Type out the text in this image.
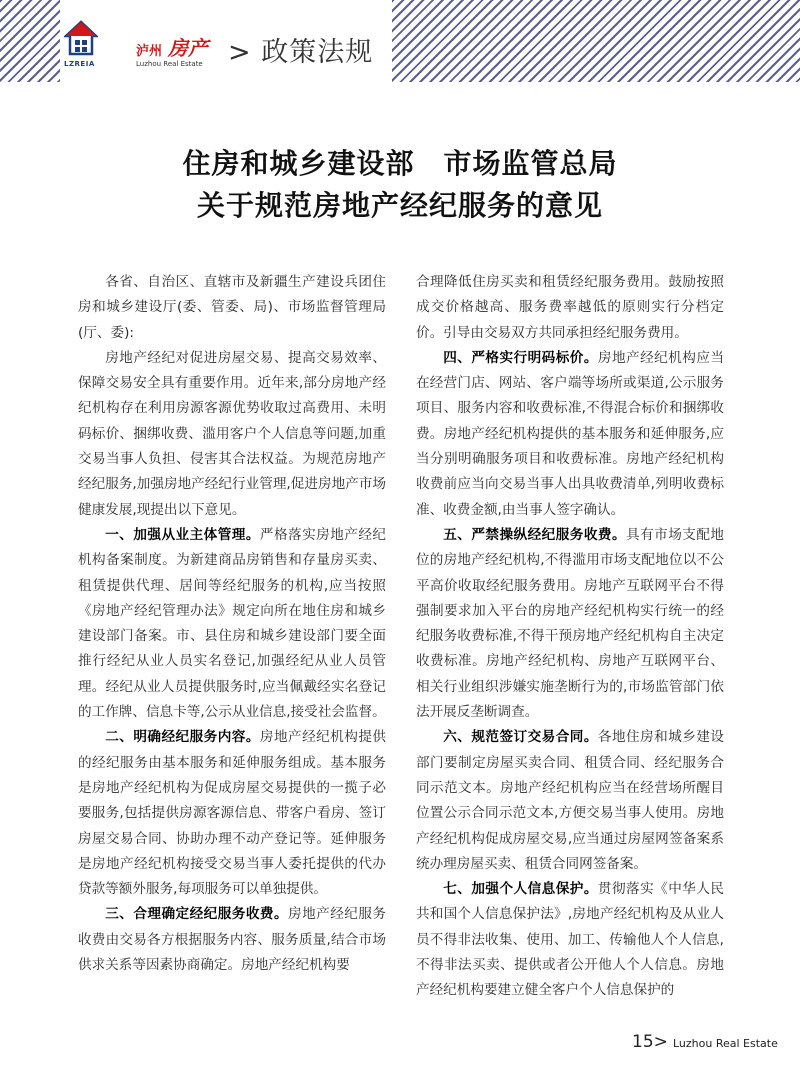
LZREIA
泸州 房产
Luzhou Real Estate > 政策法规
住房和城乡建设部　市场监管总局
关于规范房地产经纪服务的意见

各省、自治区、直辖市及新疆生产建设兵团住房和城乡建设厅(委、管委、局)、市场监督管理局(厅、委):

房地产经纪对促进房屋交易、提高交易效率、保障交易安全具有重要作用。近年来,部分房地产经纪机构存在利用房源客源优势收取过高费用、未明码标价、捆绑收费、滥用客户个人信息等问题,加重交易当事人负担、侵害其合法权益。为规范房地产经纪服务,加强房地产经纪行业管理,促进房地产市场健康发展,现提出以下意见。

一、加强从业主体管理。严格落实房地产经纪机构备案制度。为新建商品房销售和存量房买卖、租赁提供代理、居间等经纪服务的机构,应当按照《房地产经纪管理办法》规定向所在地住房和城乡建设部门备案。市、县住房和城乡建设部门要全面推行经纪从业人员实名登记,加强经纪从业人员管理。经纪从业人员提供服务时,应当佩戴经实名登记的工作牌、信息卡等,公示从业信息,接受社会监督。

二、明确经纪服务内容。房地产经纪机构提供的经纪服务由基本服务和延伸服务组成。基本服务是房地产经纪机构为促成房屋交易提供的一揽子必要服务,包括提供房源客源信息、带客户看房、签订房屋交易合同、协助办理不动产登记等。延伸服务是房地产经纪机构接受交易当事人委托提供的代办贷款等额外服务,每项服务可以单独提供。

三、合理确定经纪服务收费。房地产经纪服务收费由交易各方根据服务内容、服务质量,结合市场供求关系等因素协商确定。房地产经纪机构要

合理降低住房买卖和租赁经纪服务费用。鼓励按照成交价格越高、服务费率越低的原则实行分档定价。引导由交易双方共同承担经纪服务费用。

四、严格实行明码标价。房地产经纪机构应当在经营门店、网站、客户端等场所或渠道,公示服务项目、服务内容和收费标准,不得混合标价和捆绑收费。房地产经纪机构提供的基本服务和延伸服务,应当分别明确服务项目和收费标准。房地产经纪机构收费前应当向交易当事人出具收费清单,列明收费标准、收费金额,由当事人签字确认。

五、严禁操纵经纪服务收费。具有市场支配地位的房地产经纪机构,不得滥用市场支配地位以不公平高价收取经纪服务费用。房地产互联网平台不得强制要求加入平台的房地产经纪机构实行统一的经纪服务收费标准,不得干预房地产经纪机构自主决定收费标准。房地产经纪机构、房地产互联网平台、相关行业组织涉嫌实施垄断行为的,市场监管部门依法开展反垄断调查。

六、规范签订交易合同。各地住房和城乡建设部门要制定房屋买卖合同、租赁合同、经纪服务合同示范文本。房地产经纪机构应当在经营场所醒目位置公示合同示范文本,方便交易当事人使用。房地产经纪机构促成房屋交易,应当通过房屋网签备案系统办理房屋买卖、租赁合同网签备案。

七、加强个人信息保护。贯彻落实《中华人民共和国个人信息保护法》,房地产经纪机构及从业人员不得非法收集、使用、加工、传输他人个人信息,不得非法买卖、提供或者公开他人个人信息。房地产经纪机构要建立健全客户个人信息保护的

15> Luzhou Real Estate
